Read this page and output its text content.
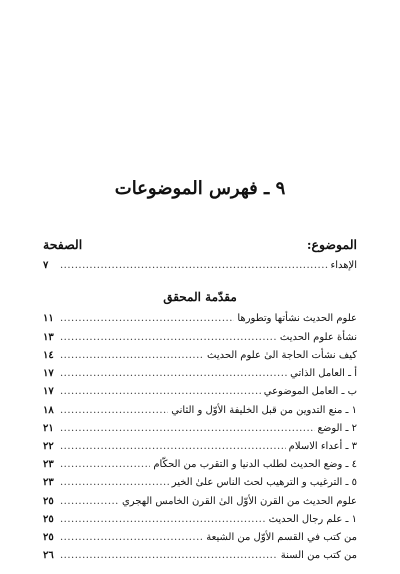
٩ ـ فهرس الموضوعات
الموضوع:
الصفحة
الإهداء
.....
٧
مقدّمة المحقق
علوم الحديث نشأتها وتطورها
.....
١١
نشأة علوم الحديث
.....
١٣
كيف نشأت الحاجة الىٰ علوم الحديث
.....
١٤
أ ـ العامل الذاتي
.....
١٧
ب ـ العامل الموضوعي
.....
١٧
١ ـ منع التدوين من قبل الخليفة الأوّل و الثاني
.....
١٨
٢ ـ الوضع
.....
٢١
٣ ـ أعداء الاسلام
.....
٢٢
٤ ـ وضع الحديث لطلب الدنيا و التقرب من الحكّام
.....
٢٣
٥ ـ الترغيب و الترهيب لحث الناس علىٰ الخير
.....
٢٣
علوم الحديث من القرن الأوّل الىٰ القرن الخامس الهجري
.....
٢٥
١ ـ علم رجال الحديث
.....
٢٥
من كتب في القسم الأوّل من الشيعة
.....
٢٥
من كتب من السنة
.....
٢٦
